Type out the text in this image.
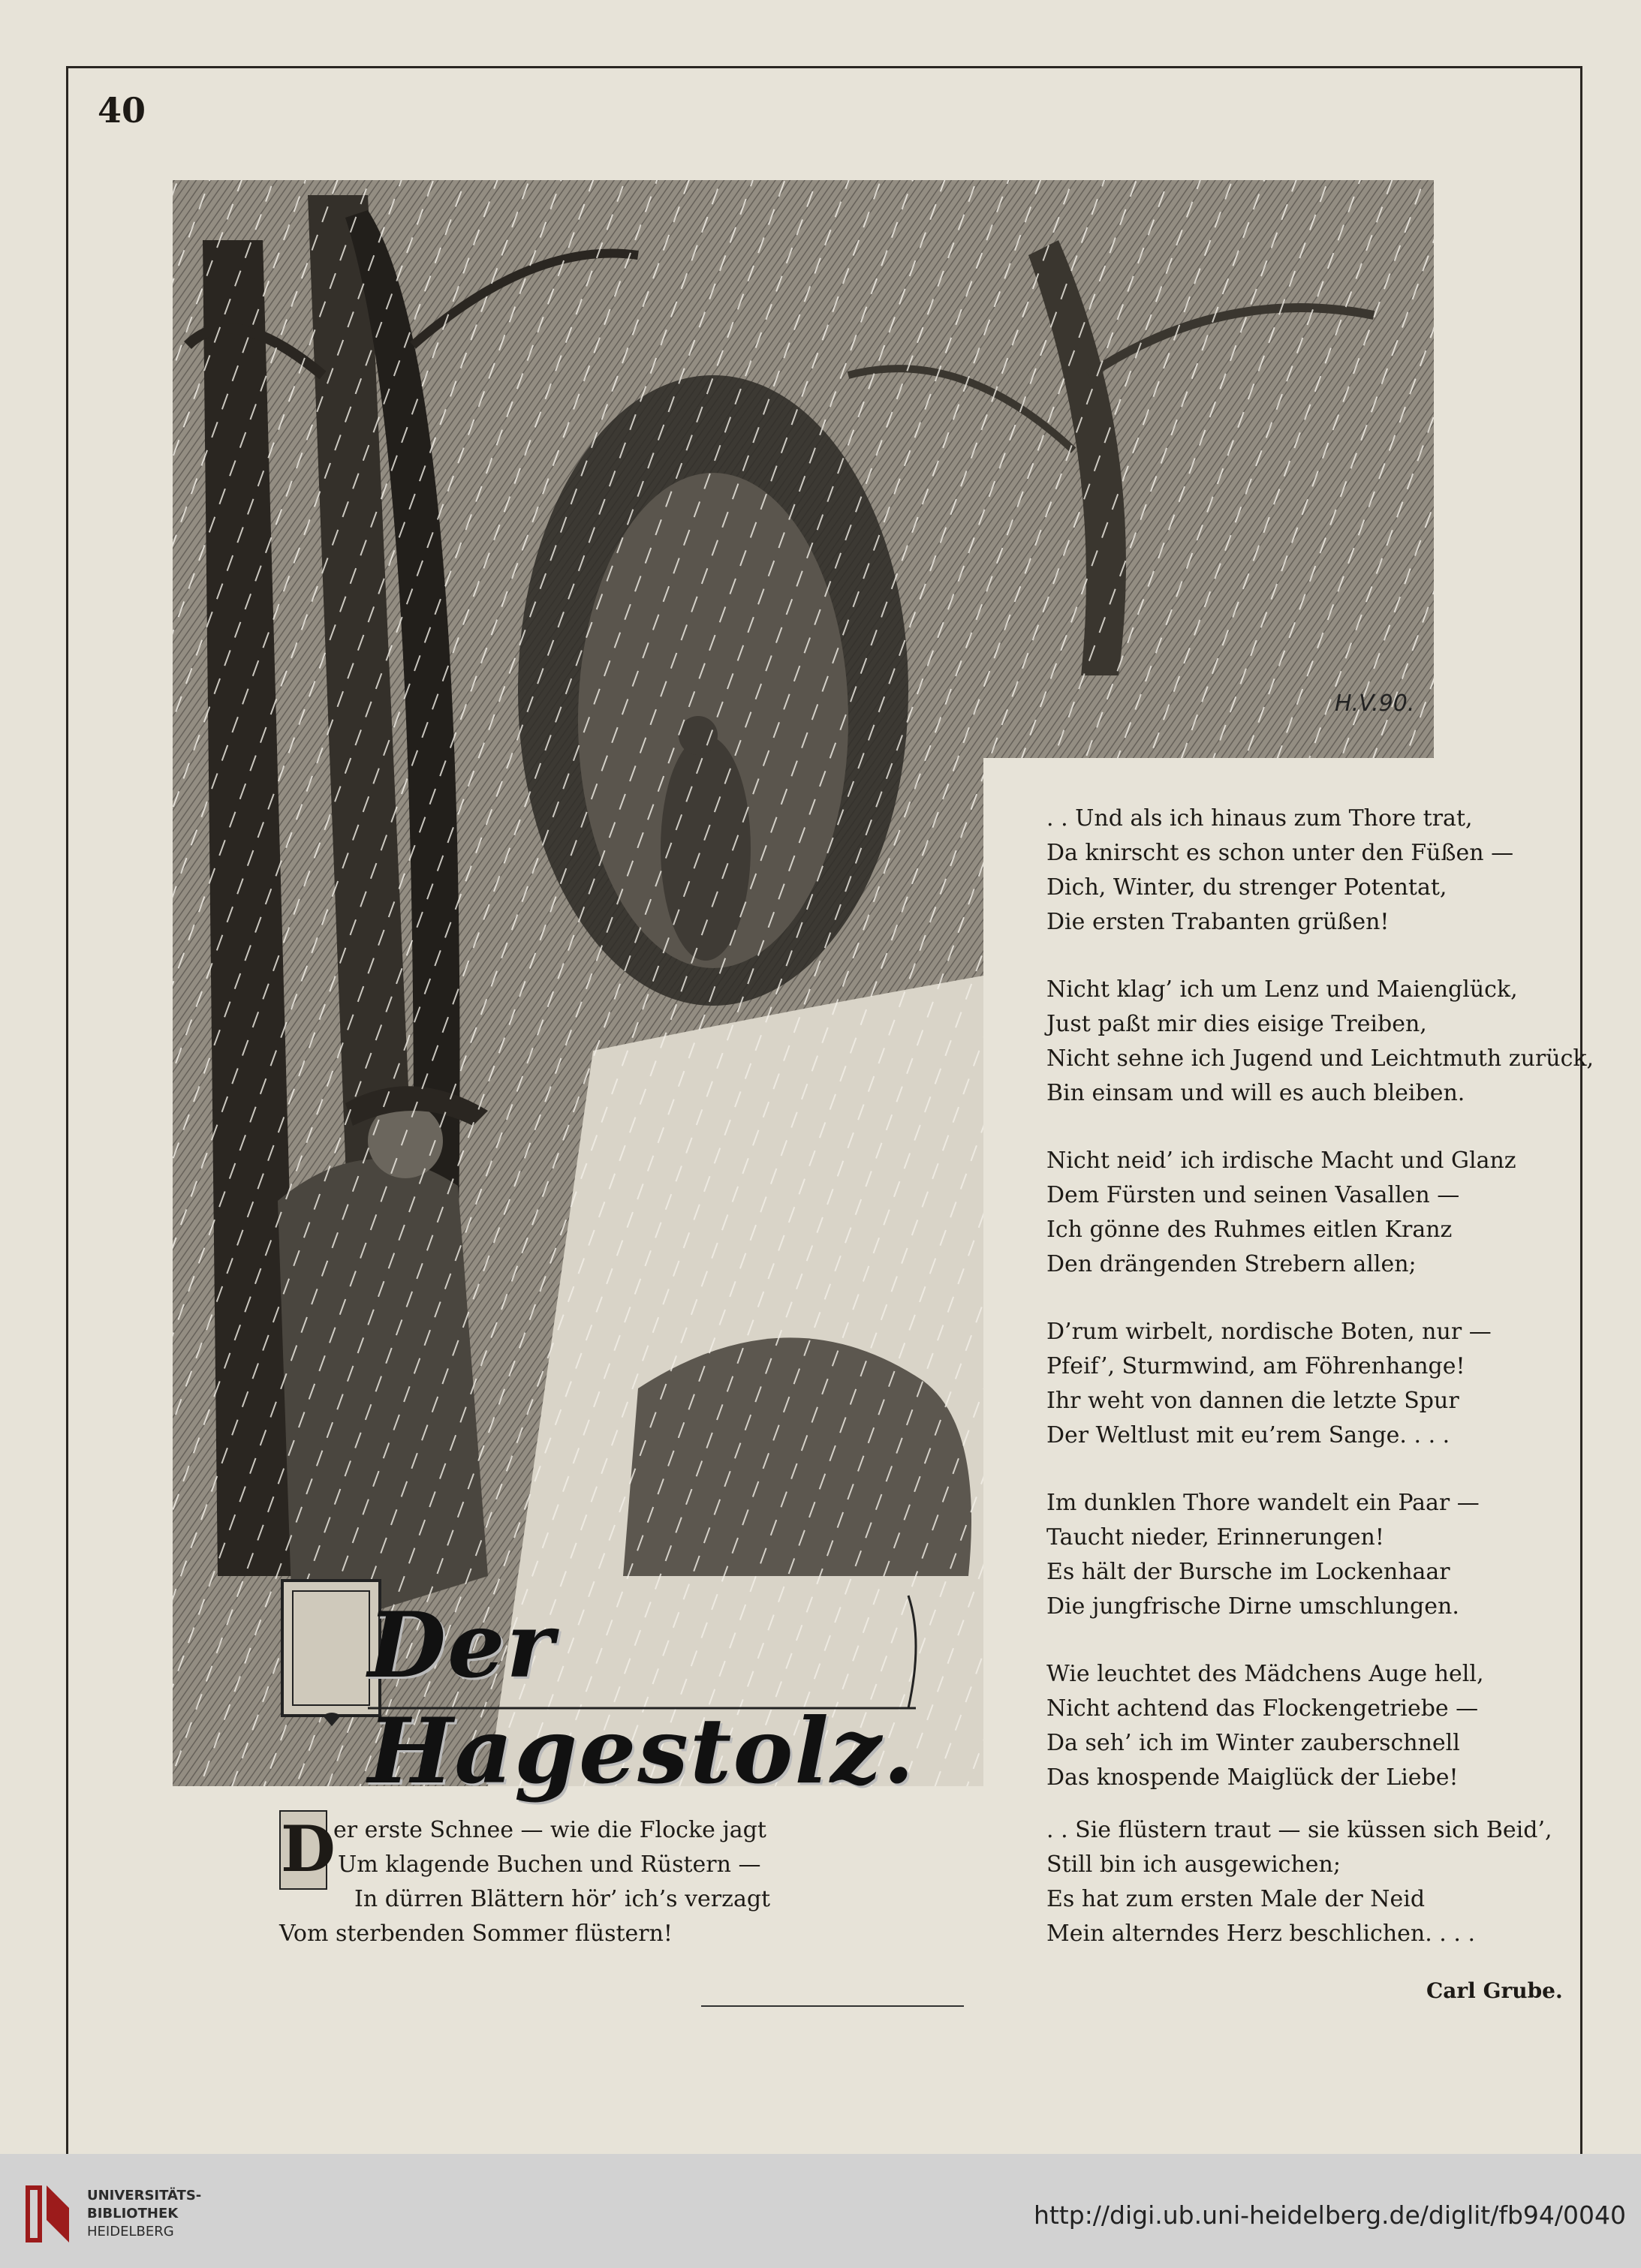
40
H.V.90.
Der Hagestolz.
. . Und als ich hinaus zum Thore trat,
Da knirscht es schon unter den Füßen —
Dich, Winter, du strenger Potentat,
Die ersten Trabanten grüßen!
Nicht klag’ ich um Lenz und Maienglück,
Just paßt mir dies eisige Treiben,
Nicht sehne ich Jugend und Leichtmuth zurück,
Bin einsam und will es auch bleiben.
Nicht neid’ ich irdische Macht und Glanz
Dem Fürsten und seinen Vasallen —
Ich gönne des Ruhmes eitlen Kranz
Den drängenden Strebern allen;
D’rum wirbelt, nordische Boten, nur —
Pfeif’, Sturmwind, am Föhrenhange!
Ihr weht von dannen die letzte Spur
Der Weltlust mit eu’rem Sange. . . .
Im dunklen Thore wandelt ein Paar —
Taucht nieder, Erinnerungen!
Es hält der Bursche im Lockenhaar
Die jungfrische Dirne umschlungen.
Wie leuchtet des Mädchens Auge hell,
Nicht achtend das Flockengetriebe —
Da seh’ ich im Winter zauberschnell
Das knospende Maiglück der Liebe!
D
er erste Schnee — wie die Flocke jagt
Um klagende Buchen und Rüstern —
In dürren Blättern hör’ ich’s verzagt
Vom sterbenden Sommer flüstern!
. . Sie flüstern traut — sie küssen sich Beid’,
Still bin ich ausgewichen;
Es hat zum ersten Male der Neid
Mein alterndes Herz beschlichen. . . .
Carl Grube.
UNIVERSITÄTS-
BIBLIOTHEK
HEIDELBERG
http://digi.ub.uni-heidelberg.de/diglit/fb94/0040
